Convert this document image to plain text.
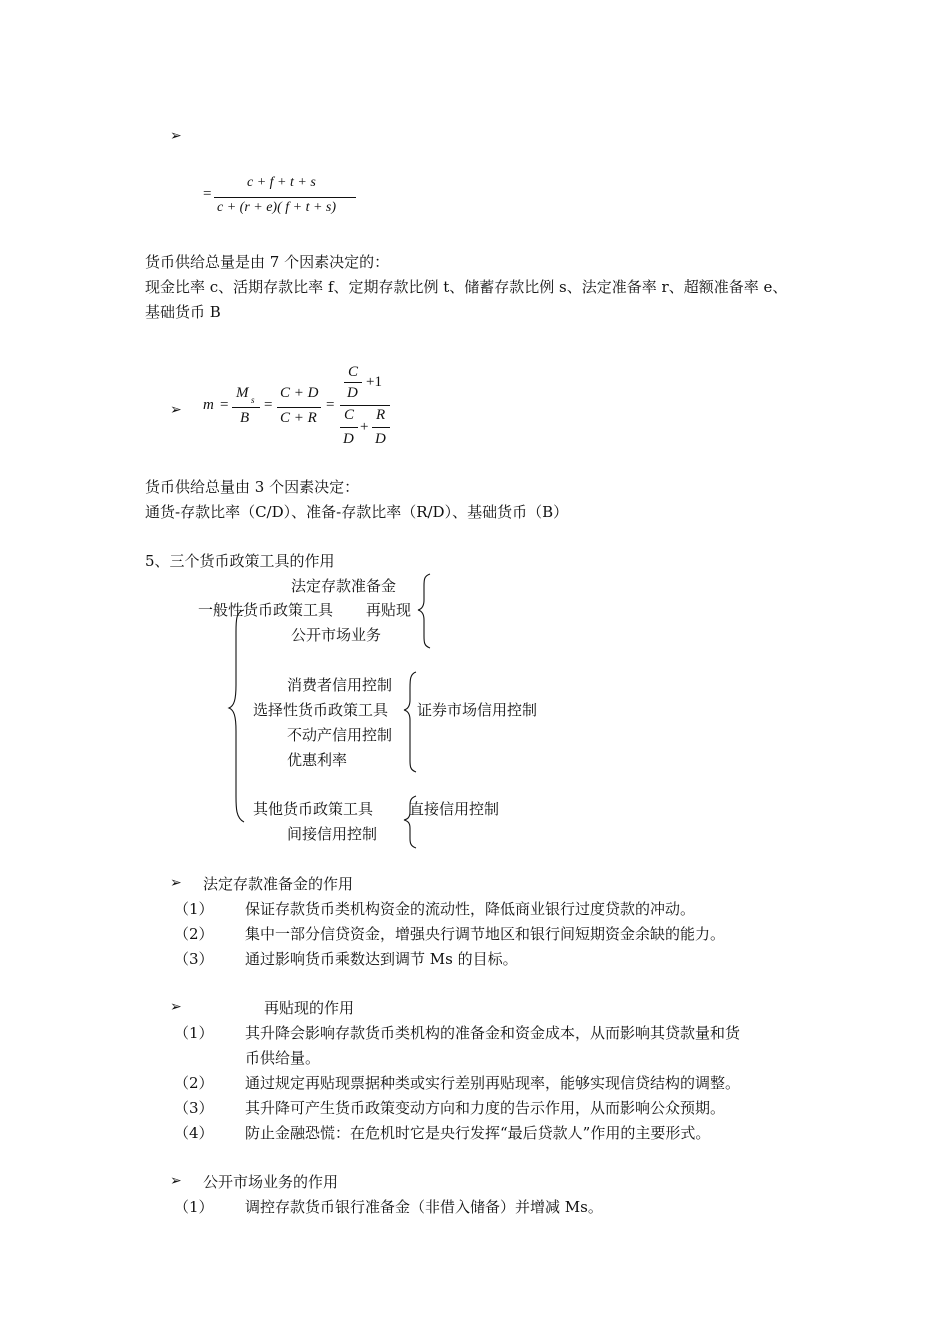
➢
=
c + f + t + s
c + (r + e)( f + t + s)
货币供给总量是由 7 个因素决定的：
现金比率 c、活期存款比率 f、定期存款比例 t、储蓄存款比例 s、法定准备率 r、超额准备率 e、
基础货币 B
➢ m =
M s
B
=
C + D
C + R
=
C
D
+1
C
D
+
R
D
货币供给总量由 3 个因素决定：
通货-存款比率（C/D）、准备-存款比率（R/D）、基础货币（B）
5、三个货币政策工具的作用
法定存款准备金
一般性货币政策工具 再贴现
公开市场业务
消费者信用控制
选择性货币政策工具 证券市场信用控制
不动产信用控制
优惠利率
其他货币政策工具 直接信用控制
间接信用控制
➢ 法定存款准备金的作用
（1） 保证存款货币类机构资金的流动性，降低商业银行过度贷款的冲动。
（2） 集中一部分信贷资金，增强央行调节地区和银行间短期资金余缺的能力。
（3） 通过影响货币乘数达到调节 Ms 的目标。
➢	再贴现的作用
（1） 其升降会影响存款货币类机构的准备金和资金成本，从而影响其贷款量和货
币供给量。
（2） 通过规定再贴现票据种类或实行差别再贴现率，能够实现信贷结构的调整。
（3） 其升降可产生货币政策变动方向和力度的告示作用，从而影响公众预期。
（4） 防止金融恐慌：在危机时它是央行发挥“最后贷款人”作用的主要形式。
➢ 公开市场业务的作用
（1） 调控存款货币银行准备金（非借入储备）并增减 Ms。
